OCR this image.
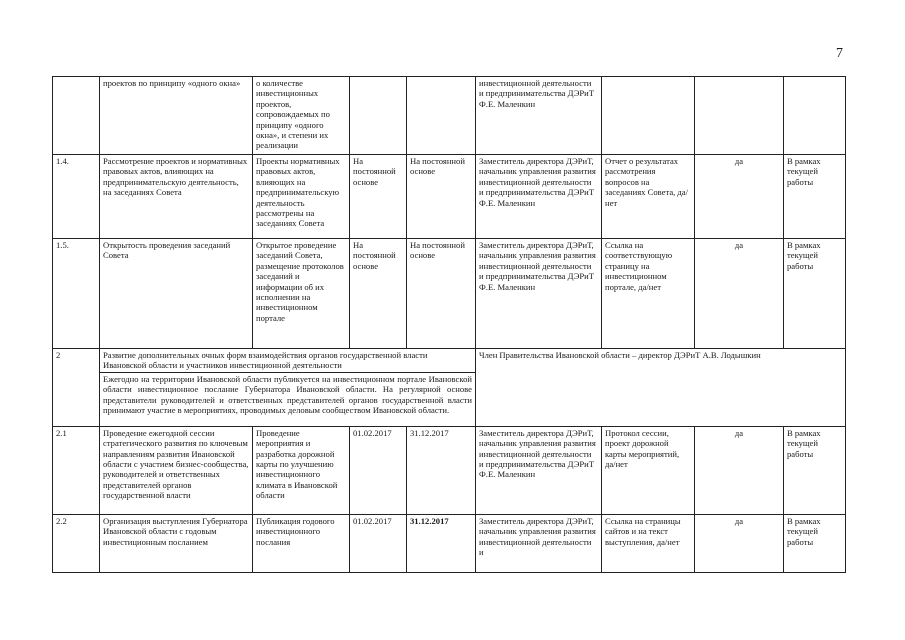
7
	проектов по принципу «одного окна»	о количестве инвестиционных проектов, сопровождаемых по принципу «одного окна», и степени их реализации			инвестиционной деятельности и предпринимательства ДЭРиТ Ф.Е. Маленкин			
1.4.	Рассмотрение проектов и нормативных правовых актов, влияющих на предпринимательскую деятельность, на заседаниях Совета	Проекты нормативных правовых актов, влияющих на предпринимательскую деятельность рассмотрены на заседаниях Совета	На постоянной основе	На постоянной основе	Заместитель директора ДЭРиТ, начальник управления развития инвестиционной деятельности и предпринимательства ДЭРиТ Ф.Е. Маленкин	Отчет о результатах рассмотрения вопросов на заседаниях Совета, да/нет	да	В рамках текущей работы
1.5.	Открытость проведения заседаний Совета	Открытое проведение заседаний Совета, размещение протоколов заседаний и информации об их исполнении на инвестиционном портале	На постоянной основе	На постоянной основе	Заместитель директора ДЭРиТ, начальник управления развития инвестиционной деятельности и предпринимательства ДЭРиТ Ф.Е. Маленкин	Ссылка на соответствующую страницу на инвестиционном портале, да/нет	да	В рамках текущей работы
2	Развитие дополнительных очных форм взаимодействия органов государственной власти Ивановской области и участников инвестиционной деятельности				Член Правительства Ивановской области – директор ДЭРиТ А.В. Лодышкин			
	Ежегодно на территории Ивановской области публикуется на инвестиционном портале Ивановской области инвестиционное послание Губернатора Ивановской области. На регулярной основе представители руководителей и ответственных представителей органов государственной власти принимают участие в мероприятиях, проводимых деловым сообществом Ивановской области.							
2.1	Проведение ежегодной сессии стратегического развития по ключевым направлениям развития Ивановской области с участием бизнес-сообщества, руководителей и ответственных представителей органов государственной власти	Проведение мероприятия и разработка дорожной карты по улучшению инвестиционного климата в Ивановской области	01.02.2017	31.12.2017	Заместитель директора ДЭРиТ, начальник управления развития инвестиционной деятельности и предпринимательства ДЭРиТ Ф.Е. Маленкин	Протокол сессии, проект дорожной карты мероприятий, да/нет	да	В рамках текущей работы
2.2	Организация выступления Губернатора Ивановской области с годовым инвестиционным посланием	Публикация годового инвестиционного послания	01.02.2017	31.12.2017	Заместитель директора ДЭРиТ, начальник управления развития инвестиционной деятельности и	Ссылка на страницы сайтов и на текст выступления, да/нет	да	В рамках текущей работы
